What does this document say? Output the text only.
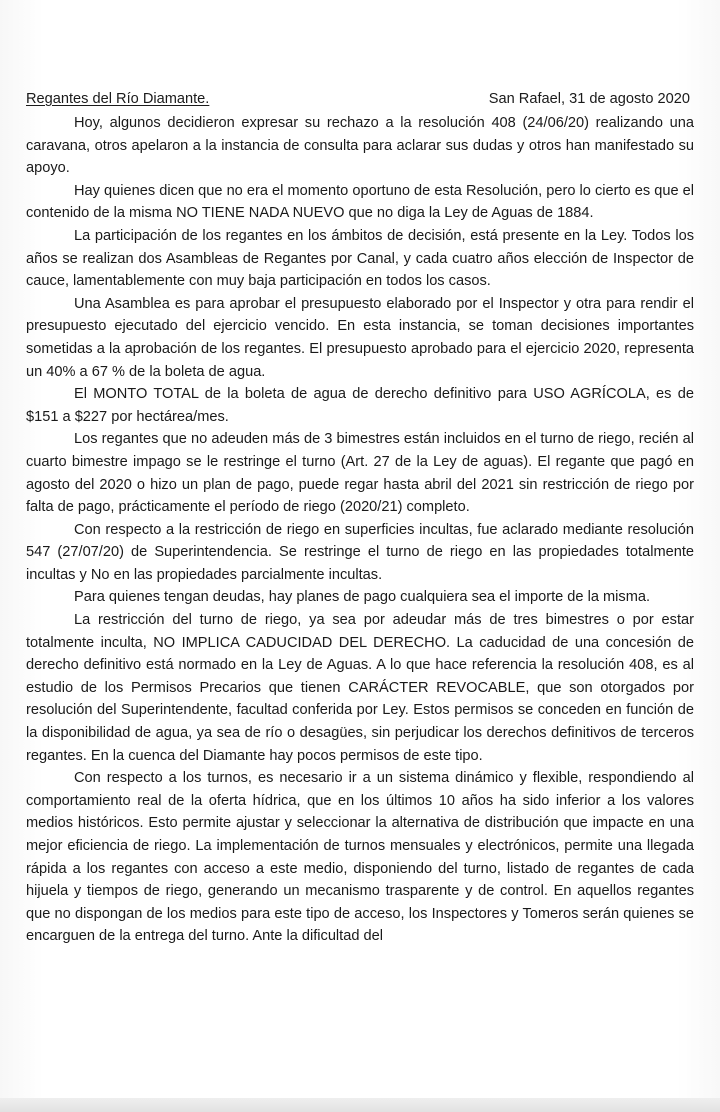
Regantes del Río Diamante.	San Rafael, 31 de agosto 2020

Hoy, algunos decidieron expresar su rechazo a la resolución 408 (24/06/20) realizando una caravana, otros apelaron a la instancia de consulta para aclarar sus dudas y otros han manifestado su apoyo.

Hay quienes dicen que no era el momento oportuno de esta Resolución, pero lo cierto es que el contenido de la misma NO TIENE NADA NUEVO que no diga la Ley de Aguas de 1884.

La participación de los regantes en los ámbitos de decisión, está presente en la Ley. Todos los años se realizan dos Asambleas de Regantes por Canal, y cada cuatro años elección de Inspector de cauce, lamentablemente con muy baja participación en todos los casos.

Una Asamblea es para aprobar el presupuesto elaborado por el Inspector y otra para rendir el presupuesto ejecutado del ejercicio vencido. En esta instancia, se toman decisiones importantes sometidas a la aprobación de los regantes. El presupuesto aprobado para el ejercicio 2020, representa un 40% a 67 % de la boleta de agua.

El MONTO TOTAL de la boleta de agua de derecho definitivo para USO AGRÍCOLA, es de $151 a $227 por hectárea/mes.

Los regantes que no adeuden más de 3 bimestres están incluidos en el turno de riego, recién al cuarto bimestre impago se le restringe el turno (Art. 27 de la Ley de aguas). El regante que pagó en agosto del 2020 o hizo un plan de pago, puede regar hasta abril del 2021 sin restricción de riego por falta de pago, prácticamente el período de riego (2020/21) completo.

Con respecto a la restricción de riego en superficies incultas, fue aclarado mediante resolución 547 (27/07/20) de Superintendencia. Se restringe el turno de riego en las propiedades totalmente incultas y No en las propiedades parcialmente incultas.

Para quienes tengan deudas, hay planes de pago cualquiera sea el importe de la misma.

La restricción del turno de riego, ya sea por adeudar más de tres bimestres o por estar totalmente inculta, NO IMPLICA CADUCIDAD DEL DERECHO. La caducidad de una concesión de derecho definitivo está normado en la Ley de Aguas. A lo que hace referencia la resolución 408, es al estudio de los Permisos Precarios que tienen CARÁCTER REVOCABLE, que son otorgados por resolución del Superintendente, facultad conferida por Ley. Estos permisos se conceden en función de la disponibilidad de agua, ya sea de río o desagües, sin perjudicar los derechos definitivos de terceros regantes. En la cuenca del Diamante hay pocos permisos de este tipo.

Con respecto a los turnos, es necesario ir a un sistema dinámico y flexible, respondiendo al comportamiento real de la oferta hídrica, que en los últimos 10 años ha sido inferior a los valores medios históricos. Esto permite ajustar y seleccionar la alternativa de distribución que impacte en una mejor eficiencia de riego. La implementación de turnos mensuales y electrónicos, permite una llegada rápida a los regantes con acceso a este medio, disponiendo del turno, listado de regantes de cada hijuela y tiempos de riego, generando un mecanismo trasparente y de control. En aquellos regantes que no dispongan de los medios para este tipo de acceso, los Inspectores y Tomeros serán quienes se encarguen de la entrega del turno. Ante la dificultad del
